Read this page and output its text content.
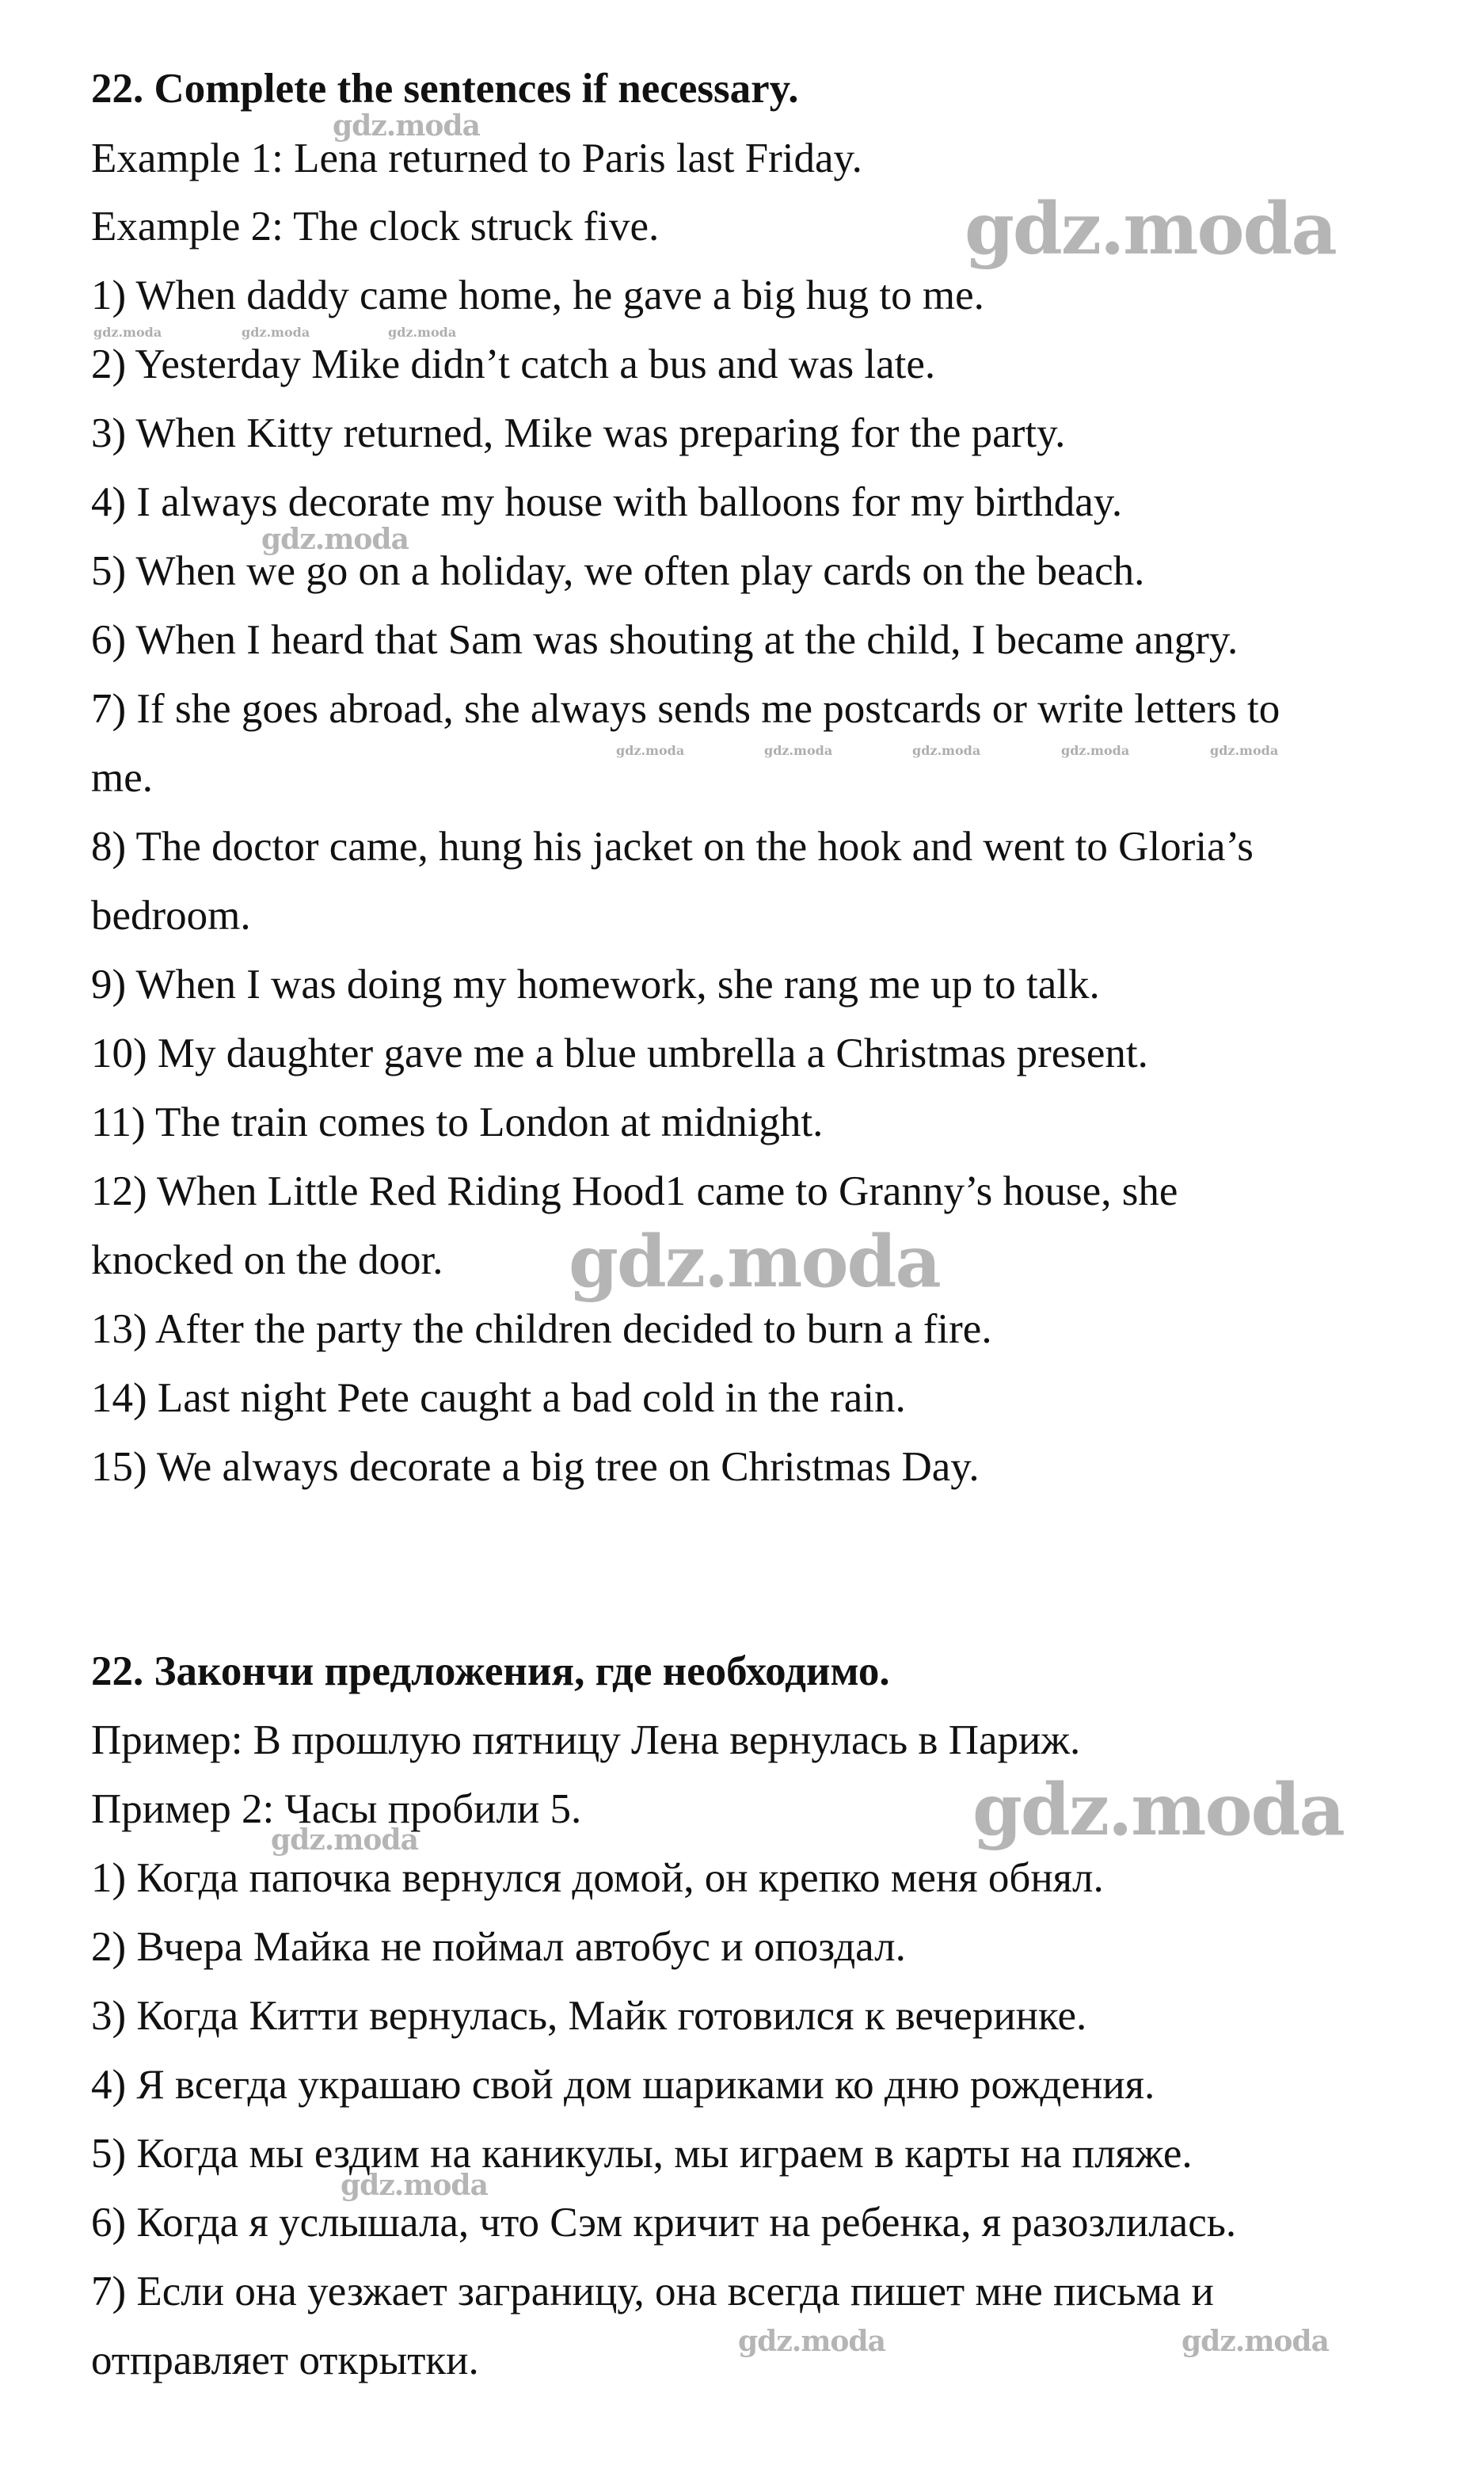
22. Complete the sentences if necessary.
Example 1: Lena returned to Paris last Friday.
Example 2: The clock struck five.
1) When daddy came home, he gave a big hug to me.
2) Yesterday Mike didn’t catch a bus and was late.
3) When Kitty returned, Mike was preparing for the party.
4) I always decorate my house with balloons for my birthday.
5) When we go on a holiday, we often play cards on the beach.
6) When I heard that Sam was shouting at the child, I became angry.
7) If she goes abroad, she always sends me postcards or write letters to
me.
8) The doctor came, hung his jacket on the hook and went to Gloria’s
bedroom.
9) When I was doing my homework, she rang me up to talk.
10) My daughter gave me a blue umbrella a Christmas present.
11) The train comes to London at midnight.
12) When Little Red Riding Hood1 came to Granny’s house, she
knocked on the door.
13) After the party the children decided to burn a fire.
14) Last night Pete caught a bad cold in the rain.
15) We always decorate a big tree on Christmas Day.
22. Закончи предложения, где необходимо.
Пример: В прошлую пятницу Лена вернулась в Париж.
Пример 2: Часы пробили 5.
1) Когда папочка вернулся домой, он крепко меня обнял.
2) Вчера Майка не поймал автобус и опоздал.
3) Когда Китти вернулась, Майк готовился к вечеринке.
4) Я всегда украшаю свой дом шариками ко дню рождения.
5) Когда мы ездим на каникулы, мы играем в карты на пляже.
6) Когда я услышала, что Сэм кричит на ребенка, я разозлилась.
7) Если она уезжает заграницу, она всегда пишет мне письма и
отправляет открытки.
gdz.moda
gdz.moda
gdz.moda	gdz.moda	gdz.moda
gdz.moda
gdz.moda	gdz.moda	gdz.moda	gdz.moda	gdz.moda
gdz.moda
gdz.moda
gdz.moda
gdz.moda
gdz.moda	gdz.moda
